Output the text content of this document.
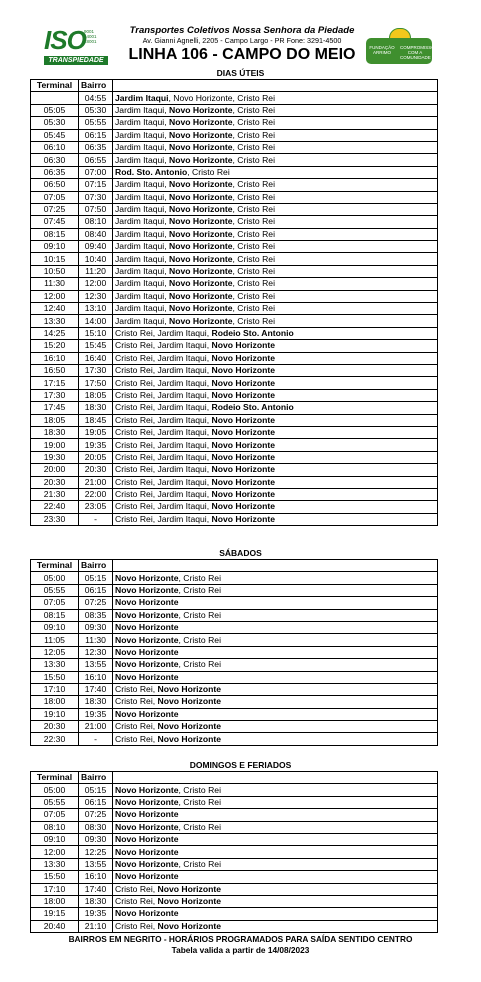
ISO
9001 14001 18001
TRANSPIEDADE
Transportes Coletivos Nossa Senhora da Piedade
Av. Gianni Agnelli, 2205 - Campo Largo - PR Fone: 3291-4500
LINHA 106 - CAMPO DO MEIO	FUNDAÇÃO ARRIMO
COMPROMISSO COM A COMUNIDADE
DIAS ÚTEIS
Terminal	Bairro	
	04:55	Jardim Itaqui, Novo Horizonte, Cristo Rei
05:05	05:30	Jardim Itaqui, Novo Horizonte, Cristo Rei
05:30	05:55	Jardim Itaqui, Novo Horizonte, Cristo Rei
05:45	06:15	Jardim Itaqui, Novo Horizonte, Cristo Rei
06:10	06:35	Jardim Itaqui, Novo Horizonte, Cristo Rei
06:30	06:55	Jardim Itaqui, Novo Horizonte, Cristo Rei
06:35	07:00	Rod. Sto. Antonio, Cristo Rei
06:50	07:15	Jardim Itaqui, Novo Horizonte, Cristo Rei
07:05	07:30	Jardim Itaqui, Novo Horizonte, Cristo Rei
07:25	07:50	Jardim Itaqui, Novo Horizonte, Cristo Rei
07:45	08:10	Jardim Itaqui, Novo Horizonte, Cristo Rei
08:15	08:40	Jardim Itaqui, Novo Horizonte, Cristo Rei
09:10	09:40	Jardim Itaqui, Novo Horizonte, Cristo Rei
10:15	10:40	Jardim Itaqui, Novo Horizonte, Cristo Rei
10:50	11:20	Jardim Itaqui, Novo Horizonte, Cristo Rei
11:30	12:00	Jardim Itaqui, Novo Horizonte, Cristo Rei
12:00	12:30	Jardim Itaqui, Novo Horizonte, Cristo Rei
12:40	13:10	Jardim Itaqui, Novo Horizonte, Cristo Rei
13:30	14:00	Jardim Itaqui, Novo Horizonte, Cristo Rei
14:25	15:10	Cristo Rei, Jardim Itaqui, Rodeio Sto. Antonio
15:20	15:45	Cristo Rei, Jardim Itaqui, Novo Horizonte
16:10	16:40	Cristo Rei, Jardim Itaqui, Novo Horizonte
16:50	17:30	Cristo Rei, Jardim Itaqui, Novo Horizonte
17:15	17:50	Cristo Rei, Jardim Itaqui, Novo Horizonte
17:30	18:05	Cristo Rei, Jardim Itaqui, Novo Horizonte
17:45	18:30	Cristo Rei, Jardim Itaqui, Rodeio Sto. Antonio
18:05	18:45	Cristo Rei, Jardim Itaqui, Novo Horizonte
18:30	19:05	Cristo Rei, Jardim Itaqui, Novo Horizonte
19:00	19:35	Cristo Rei, Jardim Itaqui, Novo Horizonte
19:30	20:05	Cristo Rei, Jardim Itaqui, Novo Horizonte
20:00	20:30	Cristo Rei, Jardim Itaqui, Novo Horizonte
20:30	21:00	Cristo Rei, Jardim Itaqui, Novo Horizonte
21:30	22:00	Cristo Rei, Jardim Itaqui, Novo Horizonte
22:40	23:05	Cristo Rei, Jardim Itaqui, Novo Horizonte
23:30	-	Cristo Rei, Jardim Itaqui, Novo Horizonte
SÁBADOS
Terminal	Bairro	
05:00	05:15	Novo Horizonte, Cristo Rei
05:55	06:15	Novo Horizonte, Cristo Rei
07:05	07:25	Novo Horizonte
08:15	08:35	Novo Horizonte, Cristo Rei
09:10	09:30	Novo Horizonte
11:05	11:30	Novo Horizonte, Cristo Rei
12:05	12:30	Novo Horizonte
13:30	13:55	Novo Horizonte, Cristo Rei
15:50	16:10	Novo Horizonte
17:10	17:40	Cristo Rei, Novo Horizonte
18:00	18:30	Cristo Rei, Novo Horizonte
19:10	19:35	Novo Horizonte
20:30	21:00	Cristo Rei, Novo Horizonte
22:30	-	Cristo Rei, Novo Horizonte
DOMINGOS E FERIADOS
Terminal	Bairro	
05:00	05:15	Novo Horizonte, Cristo Rei
05:55	06:15	Novo Horizonte, Cristo Rei
07:05	07:25	Novo Horizonte
08:10	08:30	Novo Horizonte, Cristo Rei
09:10	09:30	Novo Horizonte
12:00	12:25	Novo Horizonte
13:30	13:55	Novo Horizonte, Cristo Rei
15:50	16:10	Novo Horizonte
17:10	17:40	Cristo Rei, Novo Horizonte
18:00	18:30	Cristo Rei, Novo Horizonte
19:15	19:35	Novo Horizonte
20:40	21:10	Cristo Rei, Novo Horizonte
BAIRROS EM NEGRITO - HORÁRIOS PROGRAMADOS PARA SAÍDA SENTIDO CENTRO
Tabela valida a partir de 14/08/2023
